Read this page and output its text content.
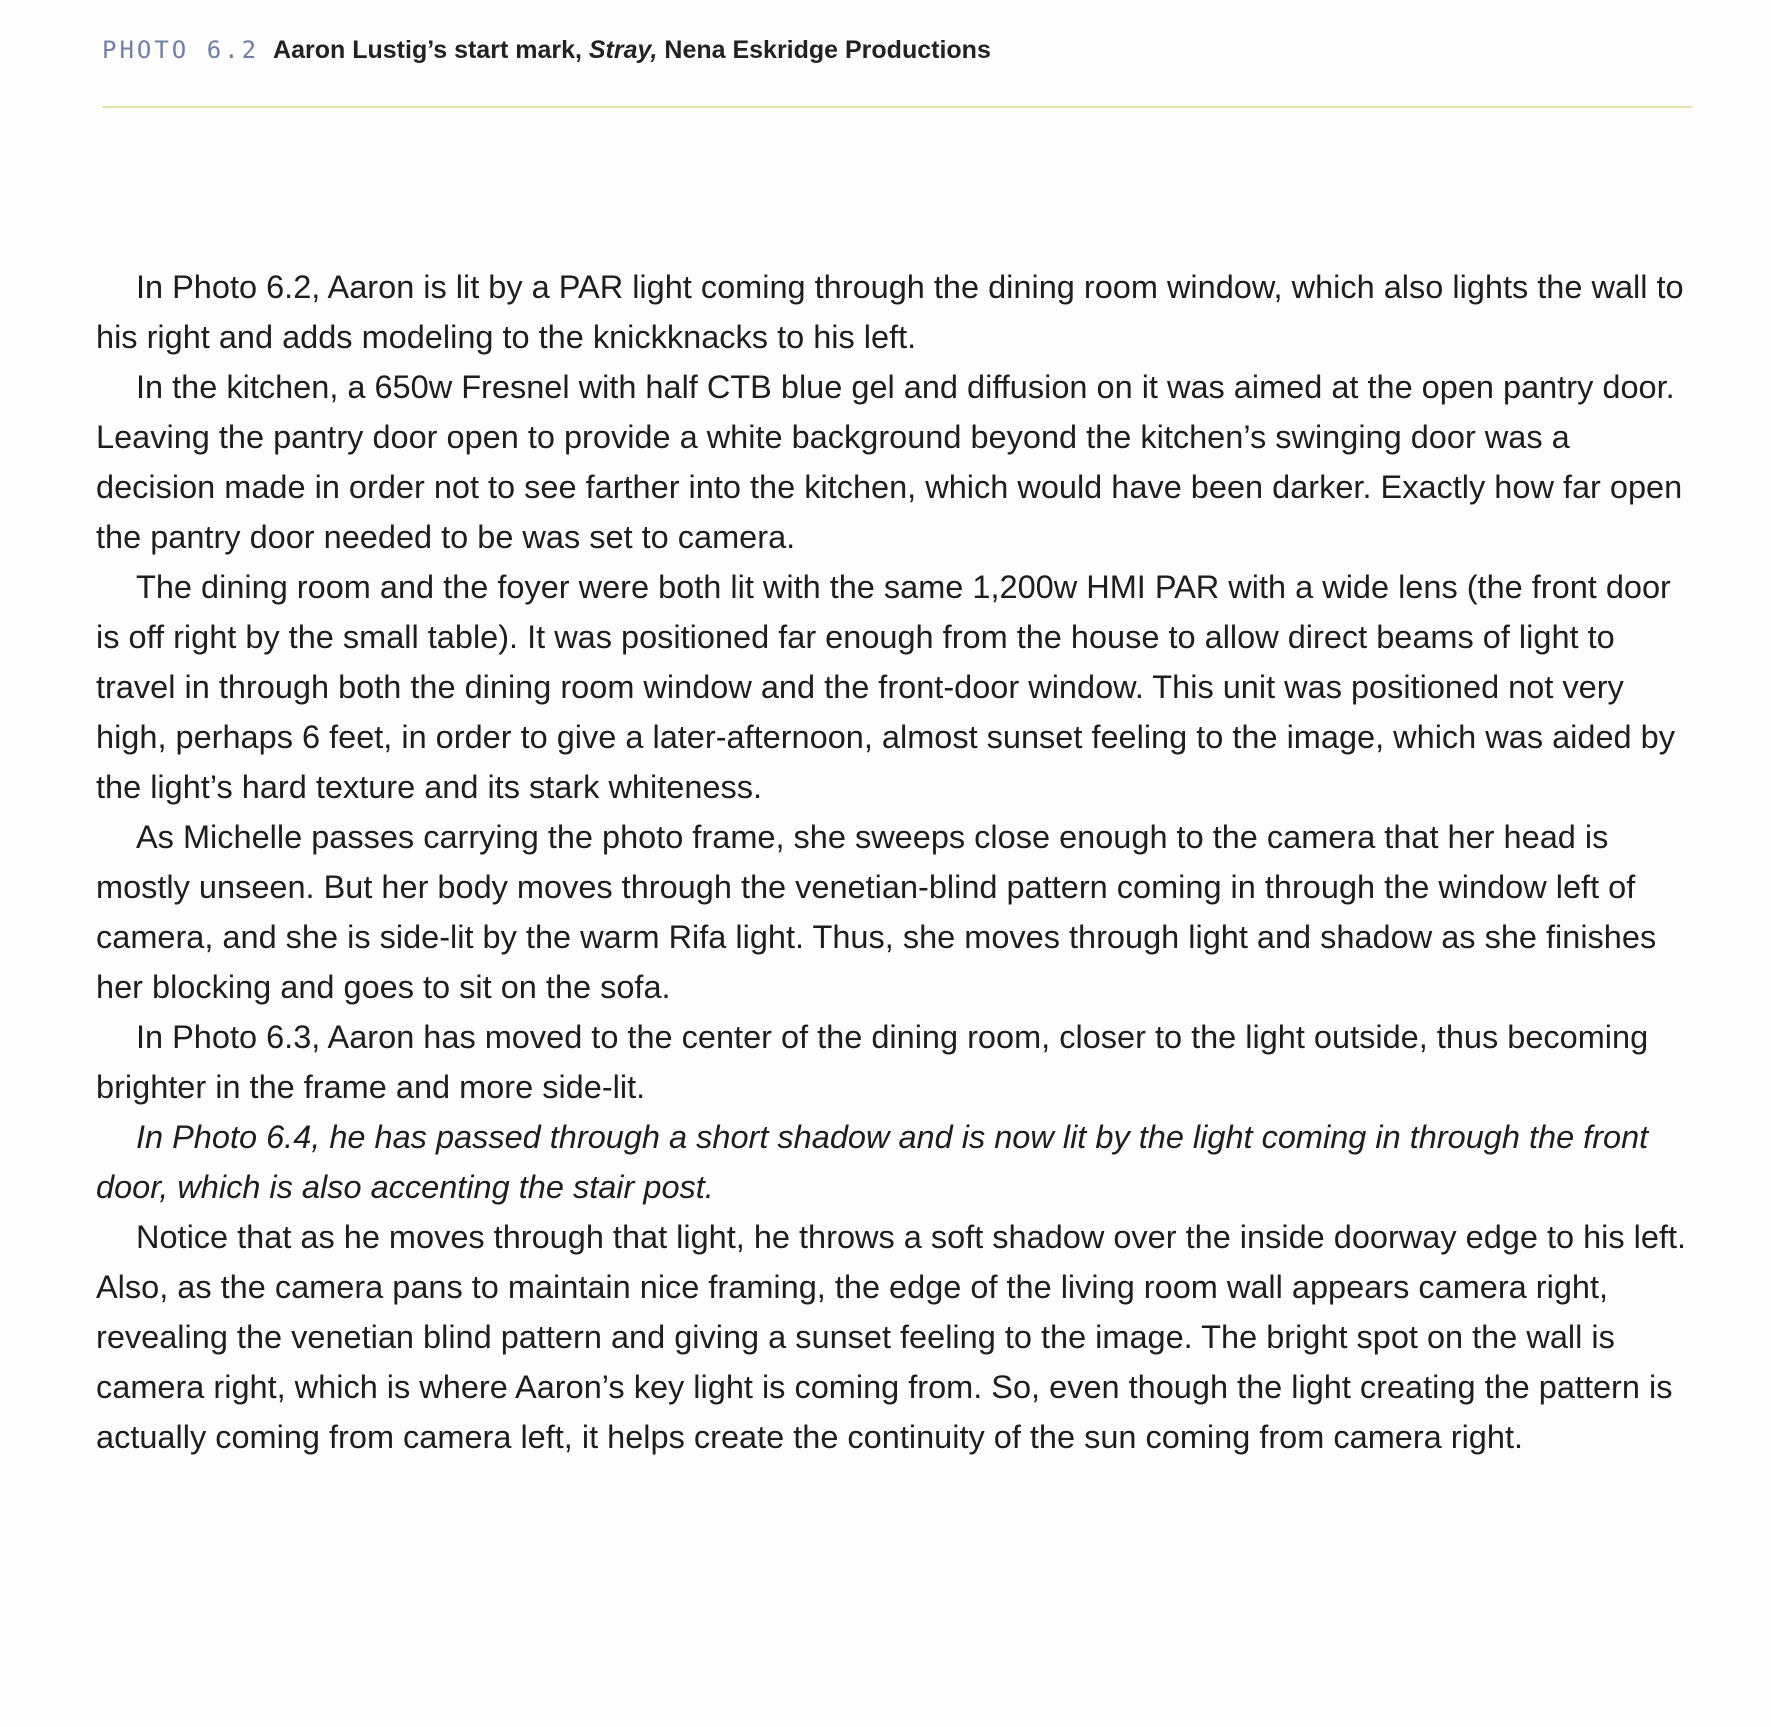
PHOTO 6.2 Aaron Lustig’s start mark, Stray, Nena Eskridge Productions

In Photo 6.2, Aaron is lit by a PAR light coming through the dining room window, which also lights the wall to his right and adds modeling to the knickknacks to his left.

In the kitchen, a 650w Fresnel with half CTB blue gel and diffusion on it was aimed at the open pantry door. Leaving the pantry door open to provide a white background beyond the kitchen’s swinging door was a decision made in order not to see farther into the kitchen, which would have been darker. Exactly how far open the pantry door needed to be was set to camera.

The dining room and the foyer were both lit with the same 1,200w HMI PAR with a wide lens (the front door is off right by the small table). It was positioned far enough from the house to allow direct beams of light to travel in through both the dining room window and the front-door window. This unit was positioned not very high, perhaps 6 feet, in order to give a later-afternoon, almost sunset feeling to the image, which was aided by the light’s hard texture and its stark whiteness.

As Michelle passes carrying the photo frame, she sweeps close enough to the camera that her head is mostly unseen. But her body moves through the venetian-blind pattern coming in through the window left of camera, and she is side-lit by the warm Rifa light. Thus, she moves through light and shadow as she finishes her blocking and goes to sit on the sofa.

In Photo 6.3, Aaron has moved to the center of the dining room, closer to the light outside, thus becoming brighter in the frame and more side-lit.

In Photo 6.4, he has passed through a short shadow and is now lit by the light coming in through the front door, which is also accenting the stair post.

Notice that as he moves through that light, he throws a soft shadow over the inside doorway edge to his left. Also, as the camera pans to maintain nice framing, the edge of the living room wall appears camera right, revealing the venetian blind pattern and giving a sunset feeling to the image. The bright spot on the wall is camera right, which is where Aaron’s key light is coming from. So, even though the light creating the pattern is actually coming from camera left, it helps create the continuity of the sun coming from camera right.
